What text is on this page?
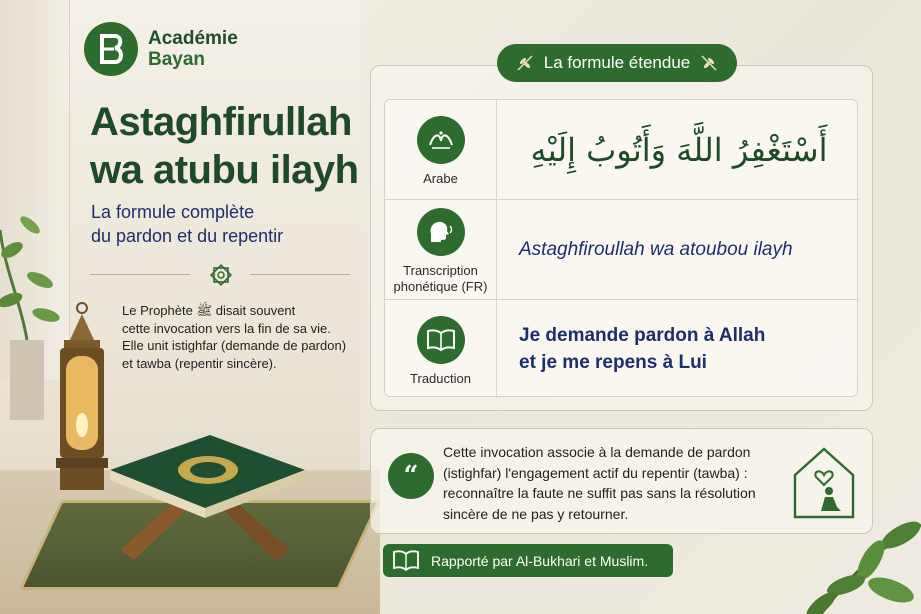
Académie
Bayan
Astaghfirullah
wa atubu ilayh
La formule complète
du pardon et du repentir
Le Prophète ﷺ disait souvent
cette invocation vers la fin de sa vie.
Elle unit istighfar (demande de pardon)
et tawba (repentir sincère).
La formule étendue
Arabe
أَسْتَغْفِرُ اللَّهَ وَأَتُوبُ إِلَيْهِ
Transcription
phonétique (FR)
Astaghfiroullah wa atoubou ilayh
Traduction
Je demande pardon à Allah
et je me repens à Lui
“
Cette invocation associe à la demande de pardon
(istighfar) l'engagement actif du repentir (tawba) :
reconnaître la faute ne suffit pas sans la résolution
sincère de ne pas y retourner.
Rapporté par Al-Bukhari et Muslim.
